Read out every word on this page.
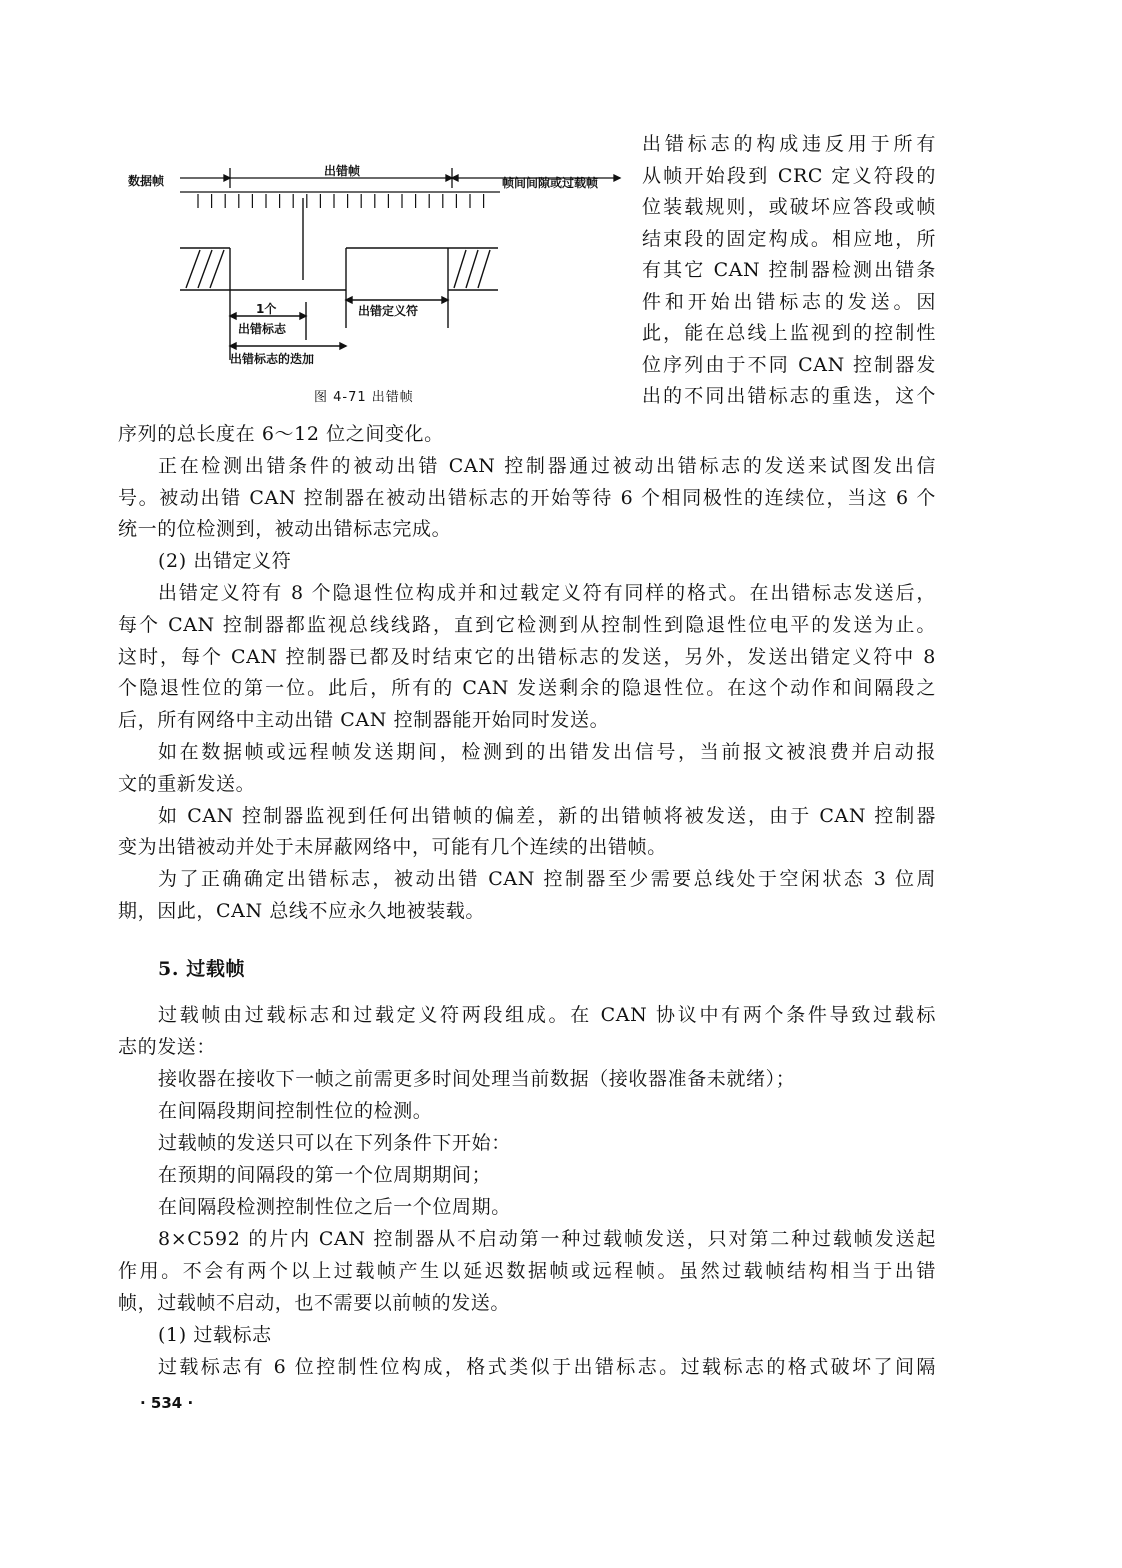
数据帧
出错帧
帧间间隙或过载帧
1个
出错标志
出错定义符
出错标志的迭加
图 4-71 出错帧
出错标志的构成违反用于所有
从帧开始段到 CRC 定义符段的
位装载规则，或破坏应答段或帧
结束段的固定构成。相应地，所
有其它 CAN 控制器检测出错条
件和开始出错标志的发送。因
此，能在总线上监视到的控制性
位序列由于不同 CAN 控制器发
出的不同出错标志的重迭，这个
序列的总长度在 6～12 位之间变化。
正在检测出错条件的被动出错 CAN 控制器通过被动出错标志的发送来试图发出信
号。被动出错 CAN 控制器在被动出错标志的开始等待 6 个相同极性的连续位，当这 6 个
统一的位检测到，被动出错标志完成。
(2) 出错定义符
出错定义符有 8 个隐退性位构成并和过载定义符有同样的格式。在出错标志发送后，
每个 CAN 控制器都监视总线线路，直到它检测到从控制性到隐退性位电平的发送为止。
这时，每个 CAN 控制器已都及时结束它的出错标志的发送，另外，发送出错定义符中 8
个隐退性位的第一位。此后，所有的 CAN 发送剩余的隐退性位。在这个动作和间隔段之
后，所有网络中主动出错 CAN 控制器能开始同时发送。
如在数据帧或远程帧发送期间，检测到的出错发出信号，当前报文被浪费并启动报
文的重新发送。
如 CAN 控制器监视到任何出错帧的偏差，新的出错帧将被发送，由于 CAN 控制器
变为出错被动并处于未屏蔽网络中，可能有几个连续的出错帧。
为了正确确定出错标志，被动出错 CAN 控制器至少需要总线处于空闲状态 3 位周
期，因此，CAN 总线不应永久地被装载。
5. 过载帧
过载帧由过载标志和过载定义符两段组成。在 CAN 协议中有两个条件导致过载标
志的发送：
接收器在接收下一帧之前需更多时间处理当前数据（接收器准备未就绪）；
在间隔段期间控制性位的检测。
过载帧的发送只可以在下列条件下开始：
在预期的间隔段的第一个位周期期间；
在间隔段检测控制性位之后一个位周期。
8×C592 的片内 CAN 控制器从不启动第一种过载帧发送，只对第二种过载帧发送起
作用。不会有两个以上过载帧产生以延迟数据帧或远程帧。虽然过载帧结构相当于出错
帧，过载帧不启动，也不需要以前帧的发送。
(1) 过载标志
过载标志有 6 位控制性位构成，格式类似于出错标志。过载标志的格式破坏了间隔
· 534 ·
